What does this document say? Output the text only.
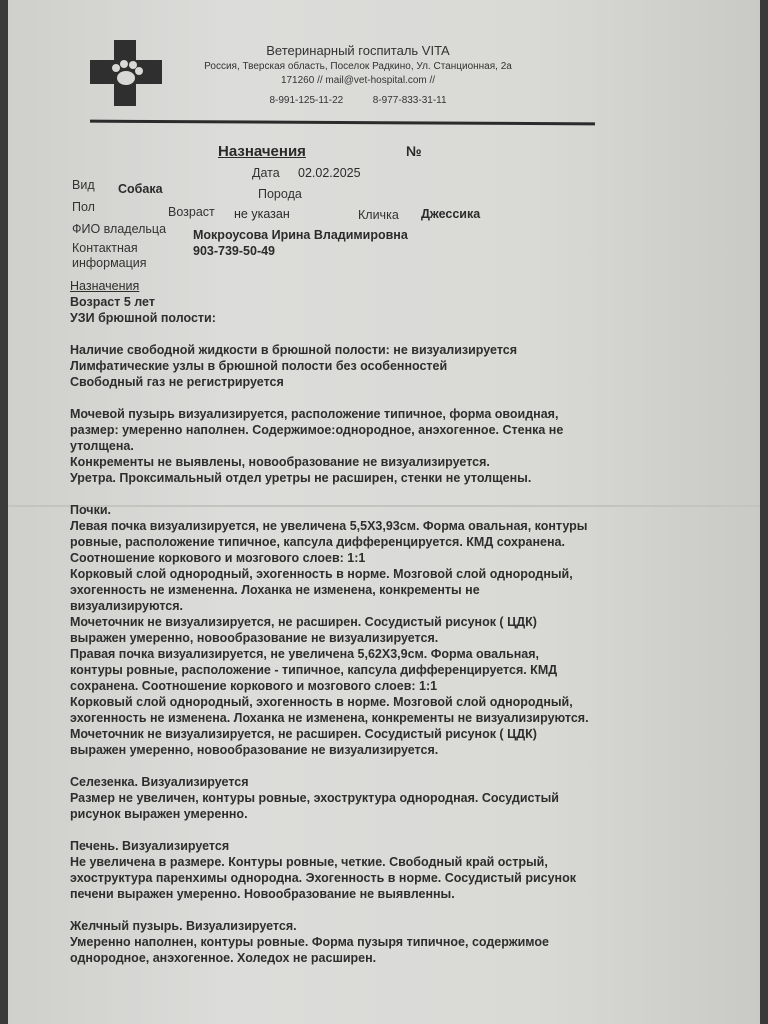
Ветеринарный госпиталь VITA
Россия, Тверская область, Поселок Радкино, Ул. Станционная, 2а
171260 // mail@vet-hospital.com //
8-991-125-11-22	8-977-833-31-11
Назначения	№
Дата 02.02.2025
Вид Собака	Порода
Пол	Возраст не указан	Кличка Джессика
ФИО владельца Мокроусова Ирина Владимировна
Контактная
информация
903-739-50-49

Назначения

Возраст 5 лет

УЗИ брюшной полости:

Наличие свободной жидкости в брюшной полости: не визуализируется

Лимфатические узлы в брюшной полости без особенностей

Свободный газ не регистрируется

Мочевой пузырь визуализируется, расположение типичное, форма овоидная,

размер: умеренно наполнен. Содержимое:однородное, анэхогенное. Стенка не

утолщена.

Конкременты не выявлены, новообразование не визуализируется.

Уретра. Проксимальный отдел уретры не расширен, стенки не утолщены.

Почки.

Левая почка визуализируется, не увеличена 5,5Х3,93см. Форма овальная, контуры

ровные, расположение типичное, капсула дифференцируется. КМД сохранена.

Соотношение коркового и мозгового слоев: 1:1

Корковый слой однородный, эхогенность в норме. Мозговой слой однородный,

эхогенность не измененна. Лоханка не изменена, конкременты не

визуализируются.

Мочеточник не визуализируется, не расширен. Сосудистый рисунок ( ЦДК)

выражен умеренно, новообразование не визуализируется.

Правая почка визуализируется, не увеличена 5,62Х3,9см. Форма овальная,

контуры ровные, расположение - типичное, капсула дифференцируется. КМД

сохранена. Соотношение коркового и мозгового слоев: 1:1

Корковый слой однородный, эхогенность в норме. Мозговой слой однородный,

эхогенность не изменена. Лоханка не изменена, конкременты не визуализируются.

Мочеточник не визуализируется, не расширен. Сосудистый рисунок ( ЦДК)

выражен умеренно, новообразование не визуализируется.

Селезенка. Визуализируется

Размер не увеличен, контуры ровные, эхоструктура однородная. Сосудистый

рисунок выражен умеренно.

Печень. Визуализируется

Не увеличена в размере. Контуры ровные, четкие. Свободный край острый,

эхоструктура паренхимы однородна. Эхогенность в норме. Сосудистый рисунок

печени выражен умеренно. Новообразование не выявленны.

Желчный пузырь. Визуализируется.

Умеренно наполнен, контуры ровные. Форма пузыря типичное, содержимое

однородное, анэхогенное. Холедох не расширен.
